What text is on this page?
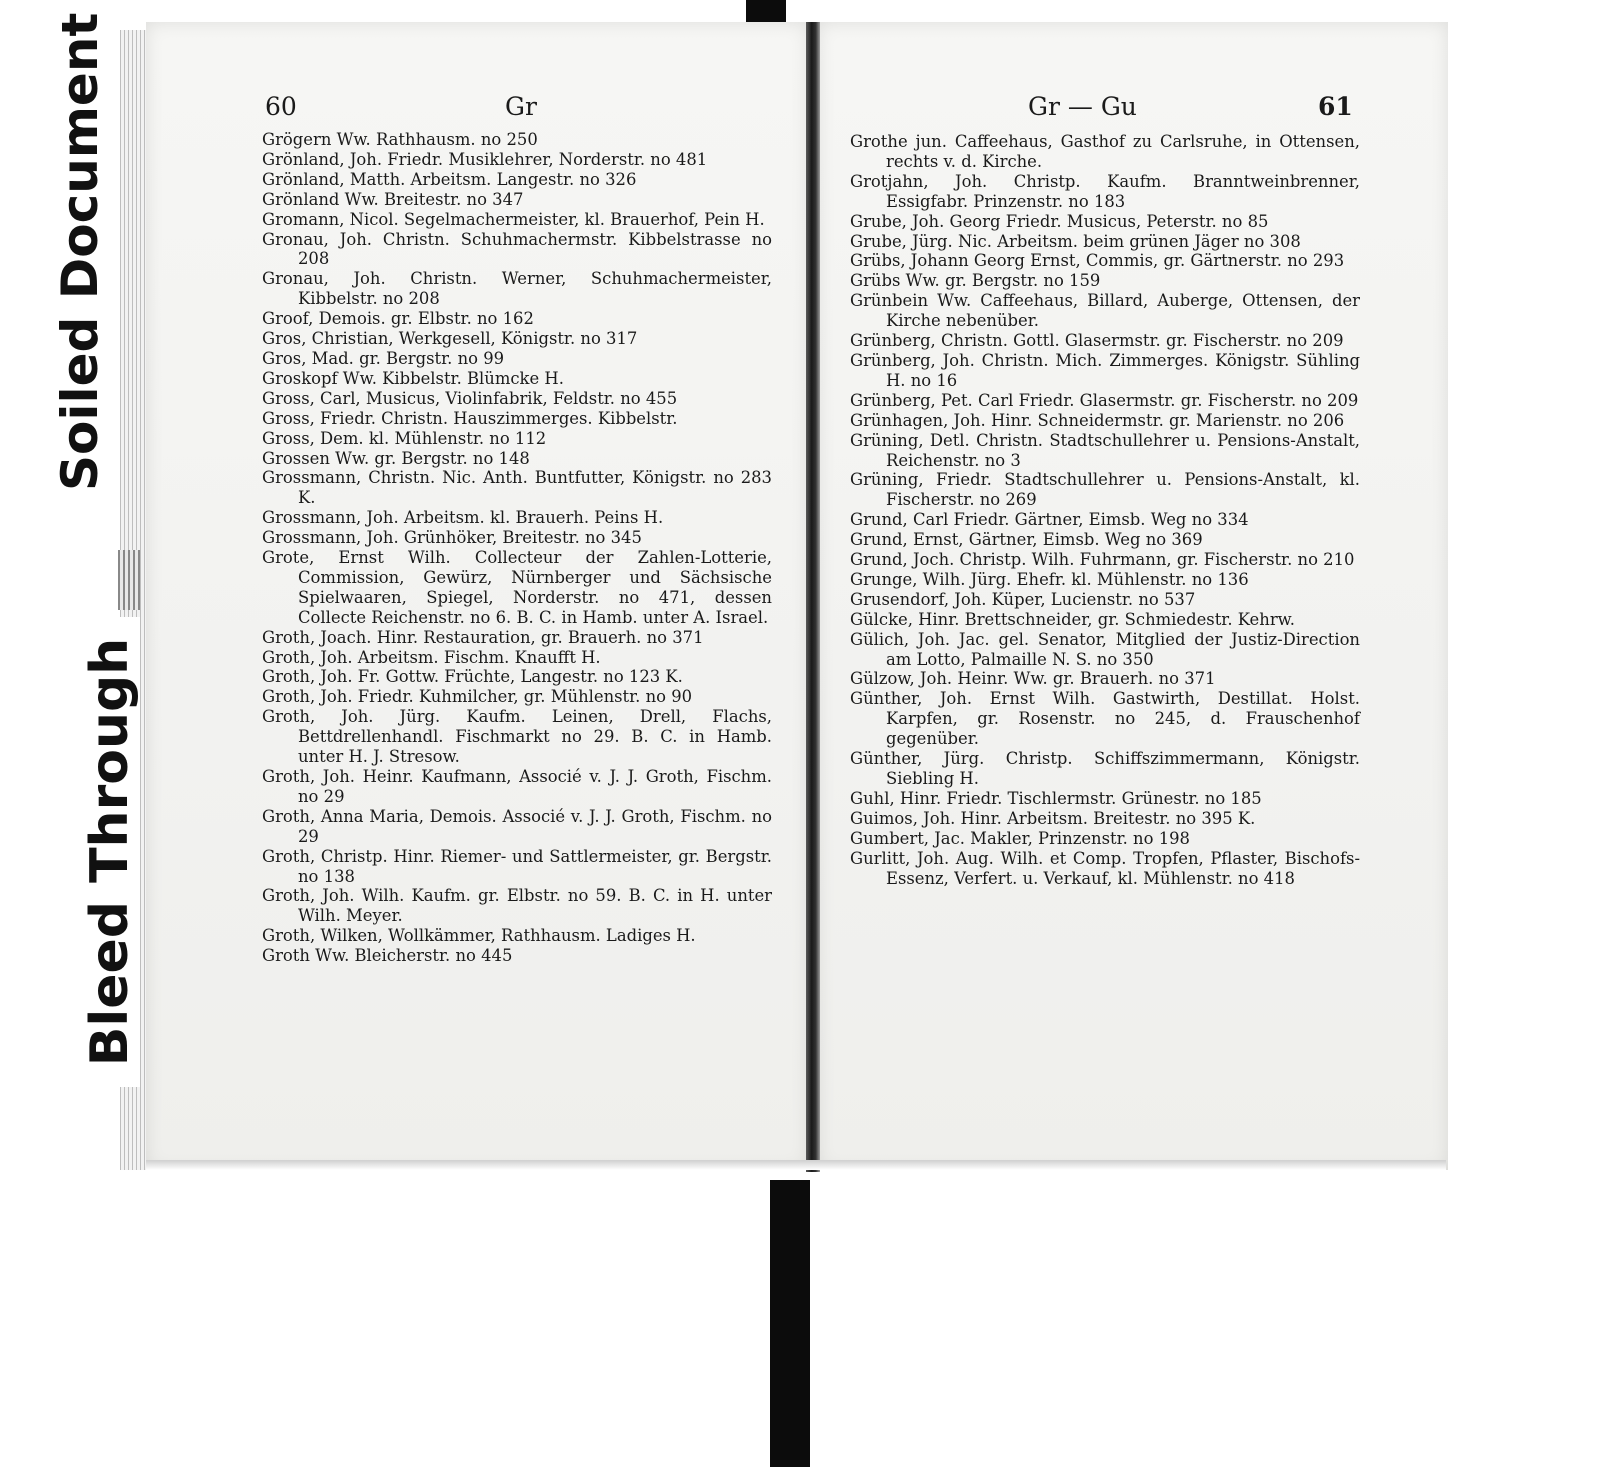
Soiled Document
Bleed Through
60	Gr	Gr — Gu	61
Grögern Ww. Rathhausm. no 250
Grönland, Joh. Friedr. Musiklehrer, Norderstr. no 481
Grönland, Matth. Arbeitsm. Langestr. no 326
Grönland Ww. Breitestr. no 347
Gromann, Nicol. Segelmachermeister, kl. Brauerhof, Pein H.
Gronau, Joh. Christn. Schuhmachermstr. Kibbelstrasse no 208
Gronau, Joh. Christn. Werner, Schuhmachermeister, Kibbelstr. no 208
Groof, Demois. gr. Elbstr. no 162
Gros, Christian, Werkgesell, Königstr. no 317
Gros, Mad. gr. Bergstr. no 99
Groskopf Ww. Kibbelstr. Blümcke H.
Gross, Carl, Musicus, Violinfabrik, Feldstr. no 455
Gross, Friedr. Christn. Hauszimmerges. Kibbelstr.
Gross, Dem. kl. Mühlenstr. no 112
Grossen Ww. gr. Bergstr. no 148
Grossmann, Christn. Nic. Anth. Buntfutter, Königstr. no 283 K.
Grossmann, Joh. Arbeitsm. kl. Brauerh. Peins H.
Grossmann, Joh. Grünhöker, Breitestr. no 345
Grote, Ernst Wilh. Collecteur der Zahlen-Lotterie, Commission, Gewürz, Nürnberger und Sächsische Spielwaaren, Spiegel, Norderstr. no 471, dessen Collecte Reichenstr. no 6. B. C. in Hamb. unter A. Israel.
Groth, Joach. Hinr. Restauration, gr. Brauerh. no 371
Groth, Joh. Arbeitsm. Fischm. Knaufft H.
Groth, Joh. Fr. Gottw. Früchte, Langestr. no 123 K.
Groth, Joh. Friedr. Kuhmilcher, gr. Mühlenstr. no 90
Groth, Joh. Jürg. Kaufm. Leinen, Drell, Flachs, Bettdrellenhandl. Fischmarkt no 29. B. C. in Hamb. unter H. J. Stresow.
Groth, Joh. Heinr. Kaufmann, Associé v. J. J. Groth, Fischm. no 29
Groth, Anna Maria, Demois. Associé v. J. J. Groth, Fischm. no 29
Groth, Christp. Hinr. Riemer- und Sattlermeister, gr. Bergstr. no 138
Groth, Joh. Wilh. Kaufm. gr. Elbstr. no 59. B. C. in H. unter Wilh. Meyer.
Groth, Wilken, Wollkämmer, Rathhausm. Ladiges H.
Groth Ww. Bleicherstr. no 445
Grothe jun. Caffeehaus, Gasthof zu Carlsruhe, in Ottensen, rechts v. d. Kirche.
Grotjahn, Joh. Christp. Kaufm. Branntweinbrenner, Essigfabr. Prinzenstr. no 183
Grube, Joh. Georg Friedr. Musicus, Peterstr. no 85
Grube, Jürg. Nic. Arbeitsm. beim grünen Jäger no 308
Grübs, Johann Georg Ernst, Commis, gr. Gärtnerstr. no 293
Grübs Ww. gr. Bergstr. no 159
Grünbein Ww. Caffeehaus, Billard, Auberge, Ottensen, der Kirche nebenüber.
Grünberg, Christn. Gottl. Glasermstr. gr. Fischerstr. no 209
Grünberg, Joh. Christn. Mich. Zimmerges. Königstr. Sühling H. no 16
Grünberg, Pet. Carl Friedr. Glasermstr. gr. Fischerstr. no 209
Grünhagen, Joh. Hinr. Schneidermstr. gr. Marienstr. no 206
Grüning, Detl. Christn. Stadtschullehrer u. Pensions-Anstalt, Reichenstr. no 3
Grüning, Friedr. Stadtschullehrer u. Pensions-Anstalt, kl. Fischerstr. no 269
Grund, Carl Friedr. Gärtner, Eimsb. Weg no 334
Grund, Ernst, Gärtner, Eimsb. Weg no 369
Grund, Joch. Christp. Wilh. Fuhrmann, gr. Fischerstr. no 210
Grunge, Wilh. Jürg. Ehefr. kl. Mühlenstr. no 136
Grusendorf, Joh. Küper, Lucienstr. no 537
Gülcke, Hinr. Brettschneider, gr. Schmiedestr. Kehrw.
Gülich, Joh. Jac. gel. Senator, Mitglied der Justiz-Direction am Lotto, Palmaille N. S. no 350
Gülzow, Joh. Heinr. Ww. gr. Brauerh. no 371
Günther, Joh. Ernst Wilh. Gastwirth, Destillat. Holst. Karpfen, gr. Rosenstr. no 245, d. Frauschenhof gegenüber.
Günther, Jürg. Christp. Schiffszimmermann, Königstr. Siebling H.
Guhl, Hinr. Friedr. Tischlermstr. Grünestr. no 185
Guimos, Joh. Hinr. Arbeitsm. Breitestr. no 395 K.
Gumbert, Jac. Makler, Prinzenstr. no 198
Gurlitt, Joh. Aug. Wilh. et Comp. Tropfen, Pflaster, Bischofs-Essenz, Verfert. u. Verkauf, kl. Mühlenstr. no 418
